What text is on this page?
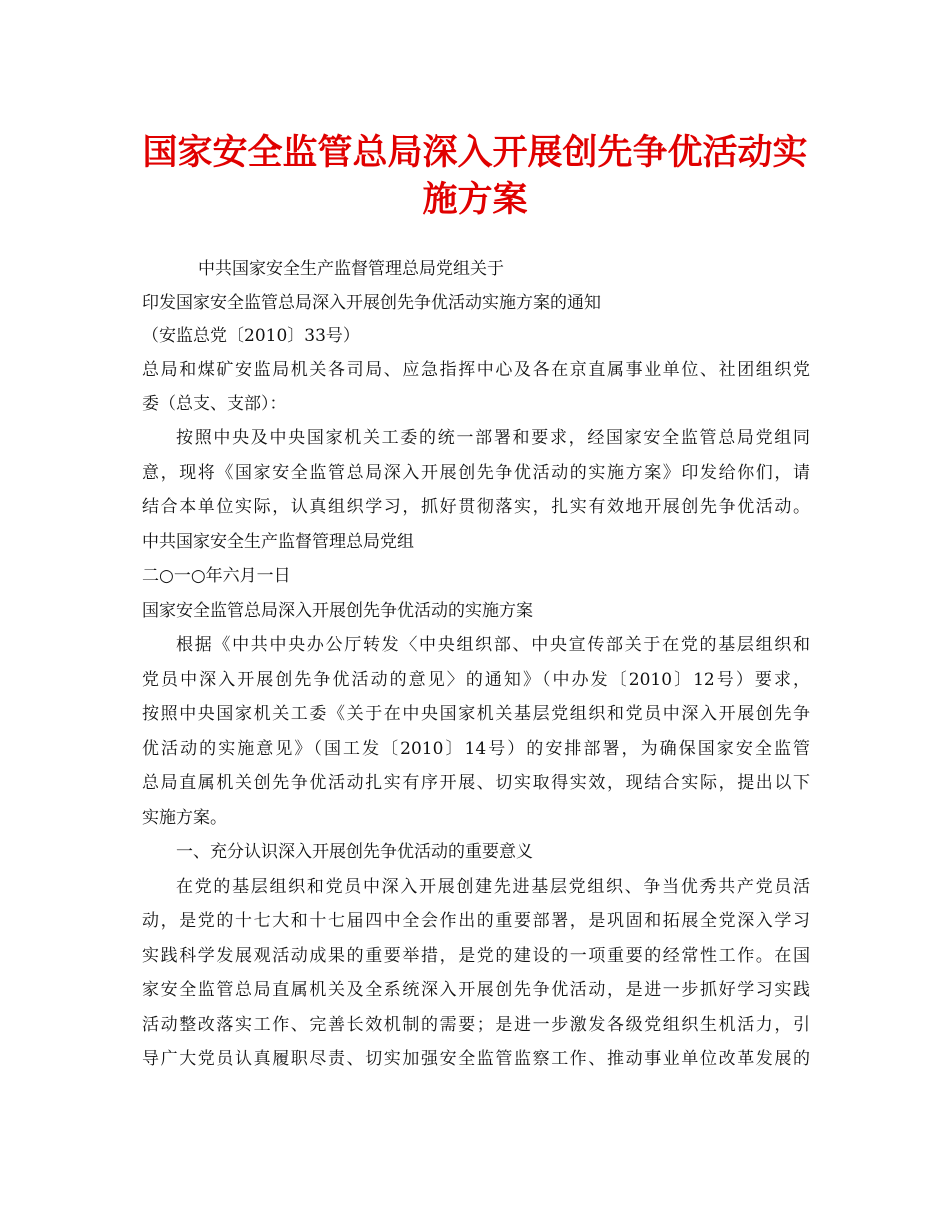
国家安全监管总局深入开展创先争优活动实
施方案
中共国家安全生产监督管理总局党组关于
印发国家安全监管总局深入开展创先争优活动实施方案的通知
（安监总党〔2010〕33号）
总局和煤矿安监局机关各司局、应急指挥中心及各在京直属事业单位、社团组织党
委（总支、支部）：
按照中央及中央国家机关工委的统一部署和要求，经国家安全监管总局党组同
意，现将《国家安全监管总局深入开展创先争优活动的实施方案》印发给你们，请
结合本单位实际，认真组织学习，抓好贯彻落实，扎实有效地开展创先争优活动。
中共国家安全生产监督管理总局党组
二○一○年六月一日
国家安全监管总局深入开展创先争优活动的实施方案
根据《中共中央办公厅转发〈中央组织部、中央宣传部关于在党的基层组织和
党员中深入开展创先争优活动的意见〉的通知》（中办发〔2010〕12号）要求，
按照中央国家机关工委《关于在中央国家机关基层党组织和党员中深入开展创先争
优活动的实施意见》（国工发〔2010〕14号）的安排部署，为确保国家安全监管
总局直属机关创先争优活动扎实有序开展、切实取得实效，现结合实际，提出以下
实施方案。
一、充分认识深入开展创先争优活动的重要意义
在党的基层组织和党员中深入开展创建先进基层党组织、争当优秀共产党员活
动，是党的十七大和十七届四中全会作出的重要部署，是巩固和拓展全党深入学习
实践科学发展观活动成果的重要举措，是党的建设的一项重要的经常性工作。在国
家安全监管总局直属机关及全系统深入开展创先争优活动，是进一步抓好学习实践
活动整改落实工作、完善长效机制的需要；是进一步激发各级党组织生机活力，引
导广大党员认真履职尽责、切实加强安全监管监察工作、推动事业单位改革发展的
